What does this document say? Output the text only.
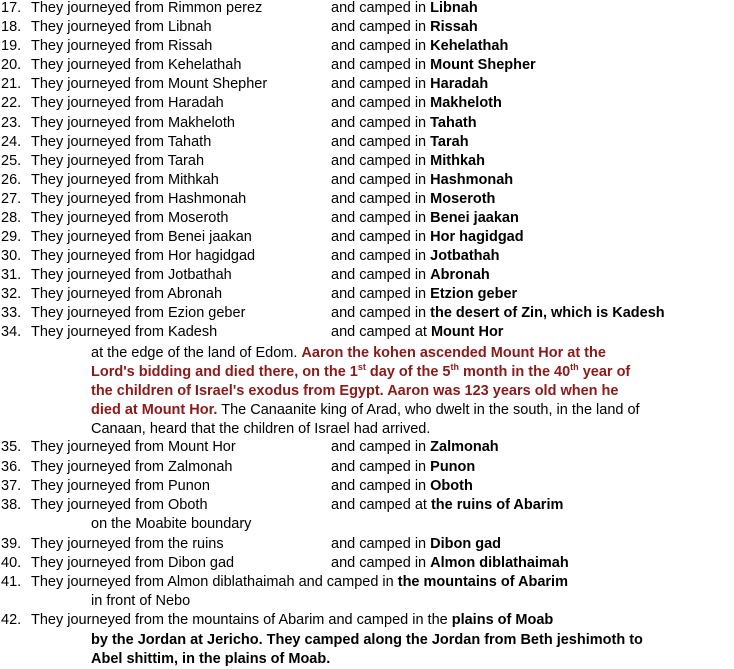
17. They journeyed from Rimmon perez	and camped in Libnah
18. They journeyed from Libnah	and camped in Rissah
19. They journeyed from Rissah	and camped in Kehelathah
20. They journeyed from Kehelathah	and camped in Mount Shepher
21. They journeyed from Mount Shepher	and camped in Haradah
22. They journeyed from Haradah	and camped in Makheloth
23. They journeyed from Makheloth	and camped in Tahath
24. They journeyed from Tahath	and camped in Tarah
25. They journeyed from Tarah	and camped in Mithkah
26. They journeyed from Mithkah	and camped in Hashmonah
27. They journeyed from Hashmonah	and camped in Moseroth
28. They journeyed from Moseroth	and camped in Benei jaakan
29. They journeyed from Benei jaakan	and camped in Hor hagidgad
30. They journeyed from Hor hagidgad	and camped in Jotbathah
31. They journeyed from Jotbathah	and camped in Abronah
32. They journeyed from Abronah	and camped in Etzion geber
33. They journeyed from Ezion geber	and camped in the desert of Zin, which is Kadesh
34. They journeyed from Kadesh	and camped at Mount Hor
at the edge of the land of Edom. Aaron the kohen ascended Mount Hor at the
Lord's bidding and died there, on the 1st day of the 5th month in the 40th year of
the children of Israel's exodus from Egypt. Aaron was 123 years old when he
died at Mount Hor. The Canaanite king of Arad, who dwelt in the south, in the land of
Canaan, heard that the children of Israel had arrived.
35. They journeyed from Mount Hor	and camped in Zalmonah
36. They journeyed from Zalmonah	and camped in Punon
37. They journeyed from Punon	and camped in Oboth
38. They journeyed from Oboth	and camped at the ruins of Abarim
on the Moabite boundary
39. They journeyed from the ruins	and camped in Dibon gad
40. They journeyed from Dibon gad	and camped in Almon diblathaimah
41. They journeyed from Almon diblathaimah and camped in the mountains of Abarim
in front of Nebo
42. They journeyed from the mountains of Abarim and camped in the plains of Moab
by the Jordan at Jericho. They camped along the Jordan from Beth jeshimoth to
Abel shittim, in the plains of Moab.
